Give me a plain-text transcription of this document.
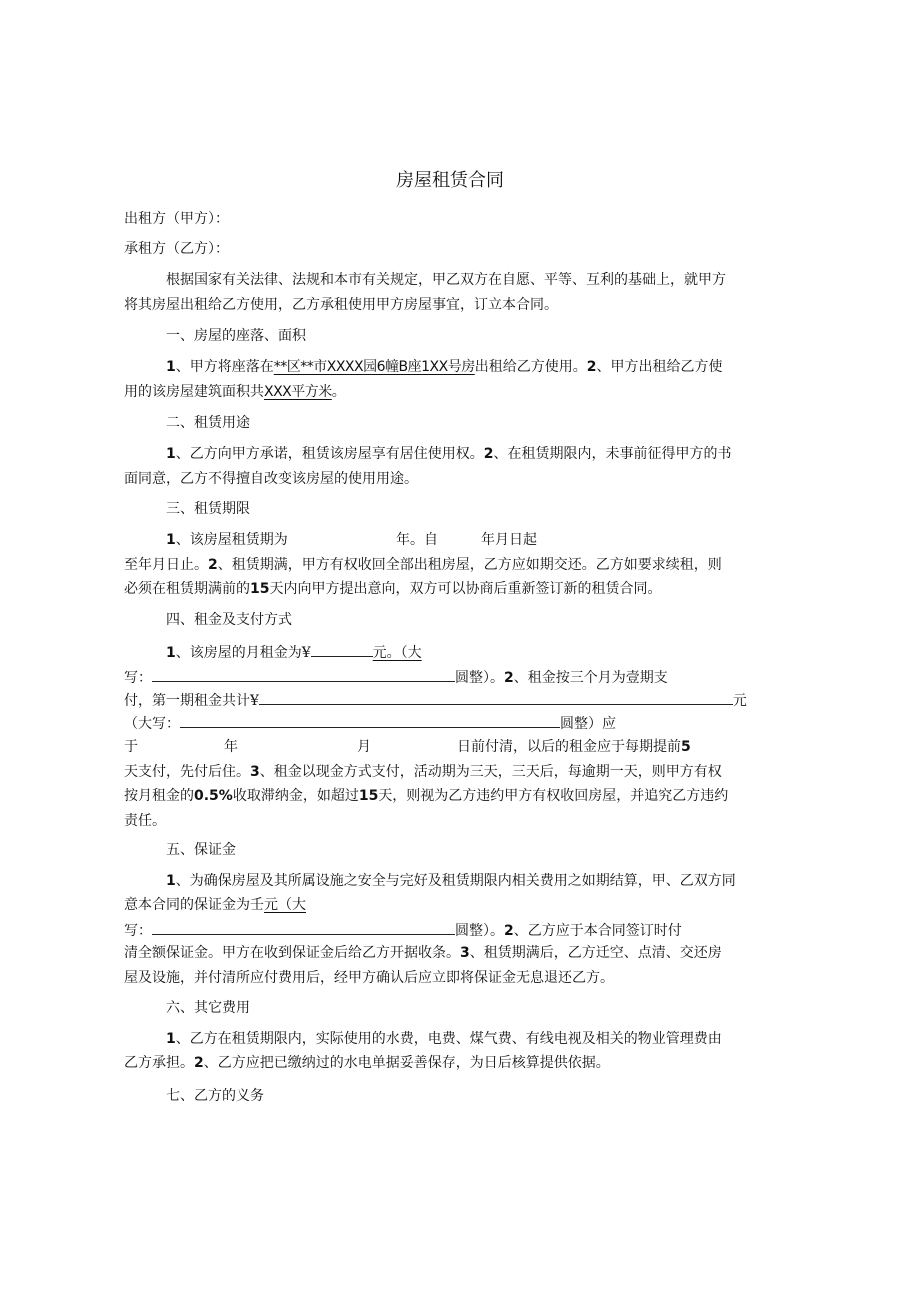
房屋租赁合同
出租方（甲方）：
承租方（乙方）：
根据国家有关法律、法规和本市有关规定，甲乙双方在自愿、平等、互利的基础上，就甲方
将其房屋出租给乙方使用，乙方承租使用甲方房屋事宜，订立本合同。
一、房屋的座落、面积
1、甲方将座落在**区**市XXXX园6幢B座1XX号房出租给乙方使用。2、甲方出租给乙方使
用的该房屋建筑面积共XXX平方米。
二、租赁用途
1、乙方向甲方承诺，租赁该房屋享有居住使用权。2、在租赁期限内，未事前征得甲方的书
面同意，乙方不得擅自改变该房屋的使用用途。
三、租赁期限
1、该房屋租赁期为	年。自	年月日起
至年月日止。2、租赁期满，甲方有权收回全部出租房屋，乙方应如期交还。乙方如要求续租，则
必须在租赁期满前的15天内向甲方提出意向，双方可以协商后重新签订新的租赁合同。
四、租金及支付方式
1、该房屋的月租金为¥	元。（大
写：	圆整）。2、租金按三个月为壹期支
付，第一期租金共计¥	元
（大写：	圆整）应
于	年	月	日前付清，以后的租金应于每期提前5
天支付，先付后住。3、租金以现金方式支付，活动期为三天，三天后，每逾期一天，则甲方有权
按月租金的0.5%收取滞纳金，如超过15天，则视为乙方违约甲方有权收回房屋，并追究乙方违约
责任。
五、保证金
1、为确保房屋及其所属设施之安全与完好及租赁期限内相关费用之如期结算，甲、乙双方同
意本合同的保证金为壬元（大
写：	圆整）。2、乙方应于本合同签订时付
清全额保证金。甲方在收到保证金后给乙方开据收条。3、租赁期满后，乙方迁空、点清、交还房
屋及设施，并付清所应付费用后，经甲方确认后应立即将保证金无息退还乙方。
六、其它费用
1、乙方在租赁期限内，实际使用的水费，电费、煤气费、有线电视及相关的物业管理费由
乙方承担。2、乙方应把已缴纳过的水电单据妥善保存，为日后核算提供依据。
七、乙方的义务
